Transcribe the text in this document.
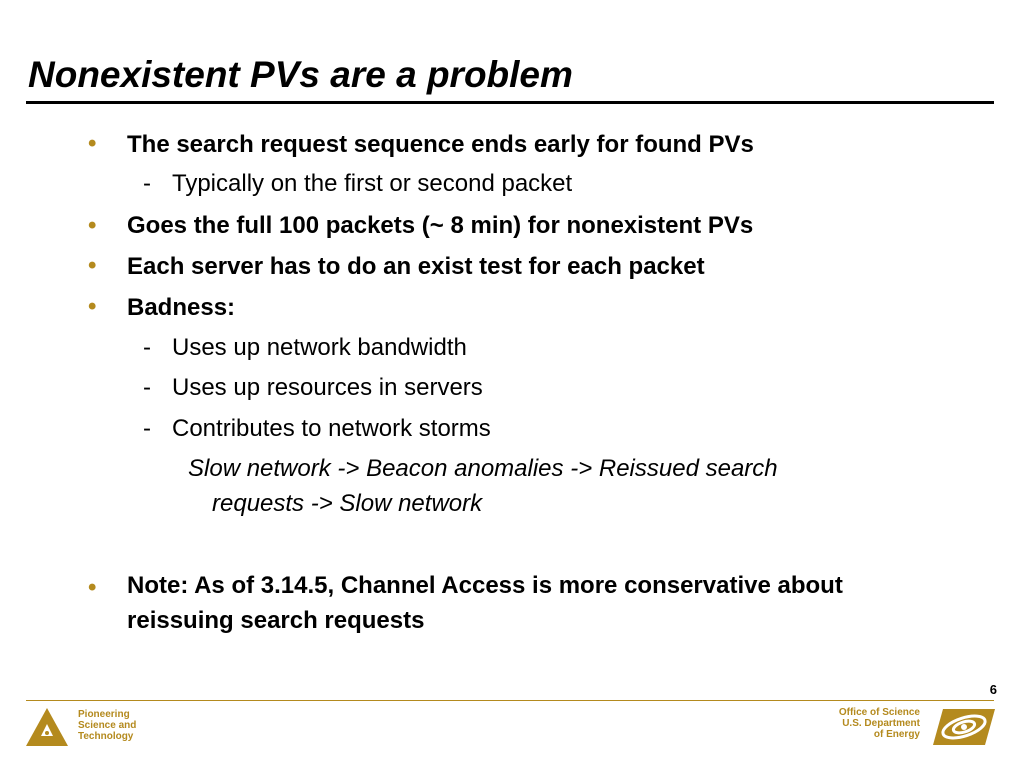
Nonexistent PVs are a problem
• The search request sequence ends early for found PVs
- Typically on the first or second packet
• Goes the full 100 packets (~ 8 min) for nonexistent PVs
• Each server has to do an exist test for each packet
• Badness:
- Uses up network bandwidth
- Uses up resources in servers
- Contributes to network storms
Slow network -> Beacon anomalies -> Reissued search
requests -> Slow network
• Note: As of 3.14.5, Channel Access is more conservative about
reissuing search requests
6
Pioneering
Science and
Technology
Office of Science
U.S. Department
of Energy
